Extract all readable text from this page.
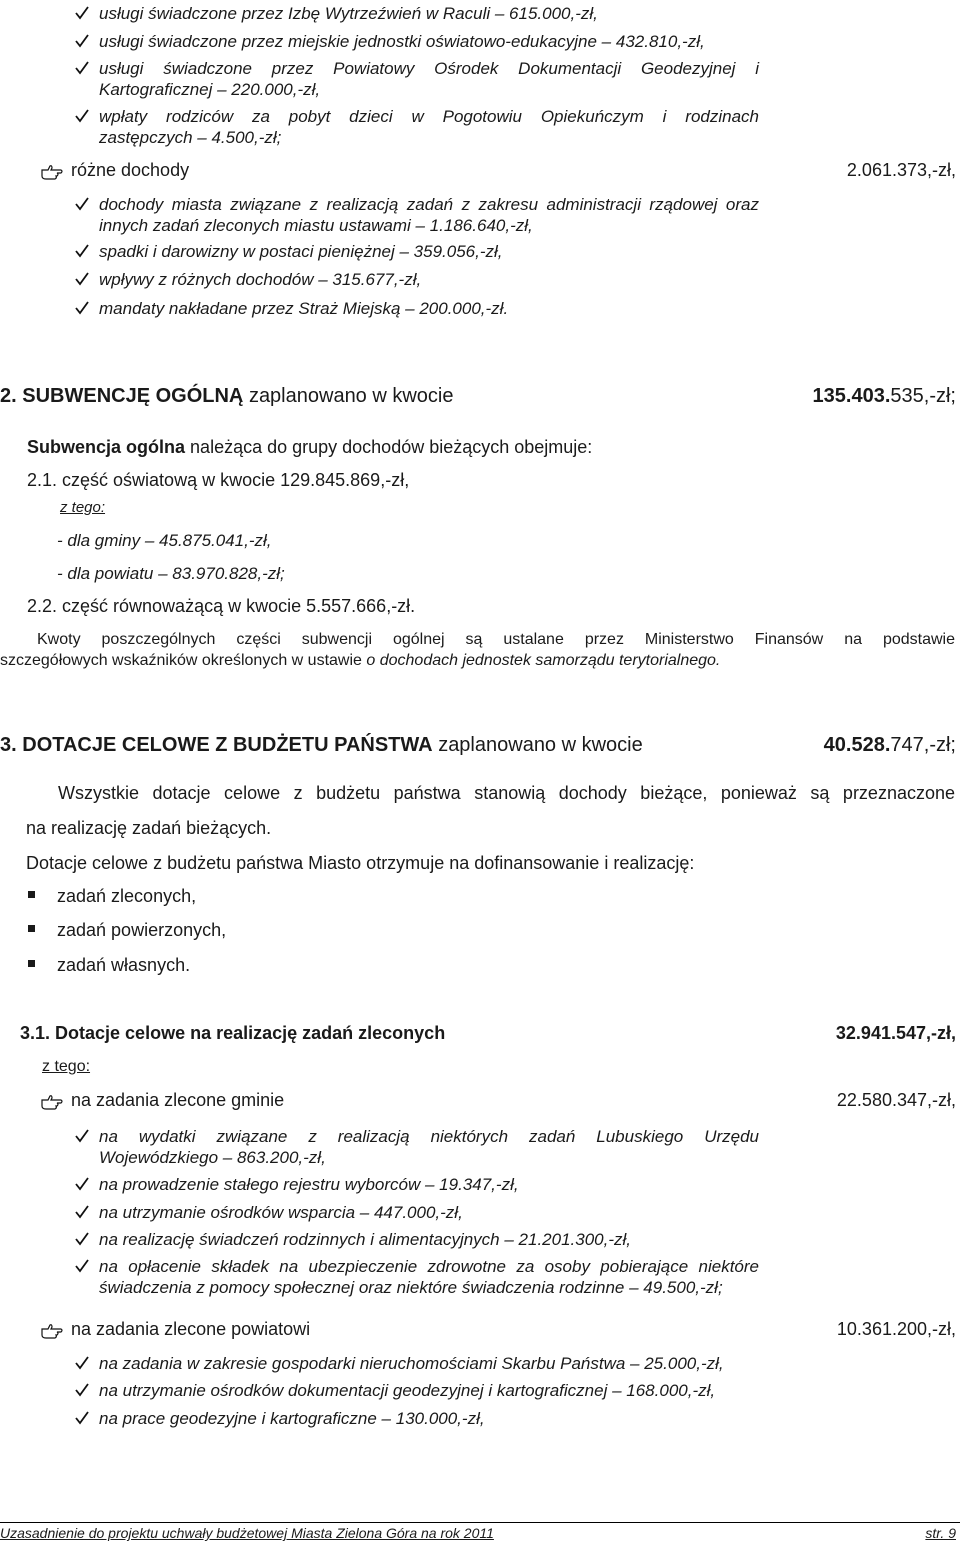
usługi świadczone przez Izbę Wytrzeźwień w Raculi – 615.000,-zł,
usługi świadczone przez miejskie jednostki oświatowo-edukacyjne – 432.810,-zł,
usługi świadczone przez Powiatowy Ośrodek Dokumentacji Geodezyjnej i
Kartograficznej – 220.000,-zł,
wpłaty rodziców za pobyt dzieci w Pogotowiu Opiekuńczym i rodzinach
zastępczych – 4.500,-zł;
różne dochody	2.061.373,-zł,
dochody miasta związane z realizacją zadań z zakresu administracji rządowej oraz
innych zadań zleconych miastu ustawami – 1.186.640,-zł,
spadki i darowizny w postaci pieniężnej – 359.056,-zł,
wpływy z różnych dochodów – 315.677,-zł,
mandaty nakładane przez Straż Miejską – 200.000,-zł.
2. SUBWENCJĘ OGÓLNĄ zaplanowano w kwocie	135.403.535,-zł;
Subwencja ogólna należąca do grupy dochodów bieżących obejmuje:
2.1. część oświatową w kwocie 129.845.869,-zł,
z tego:
- dla gminy – 45.875.041,-zł,
- dla powiatu – 83.970.828,-zł;
2.2. część równoważącą w kwocie 5.557.666,-zł.
Kwoty poszczególnych części subwencji ogólnej są ustalane przez Ministerstwo Finansów na podstawie
szczegółowych wskaźników określonych w ustawie o dochodach jednostek samorządu terytorialnego.
3. DOTACJE CELOWE Z BUDŻETU PAŃSTWA zaplanowano w kwocie	40.528.747,-zł;
Wszystkie dotacje celowe z budżetu państwa stanowią dochody bieżące, ponieważ są przeznaczone
na realizację zadań bieżących.
Dotacje celowe z budżetu państwa Miasto otrzymuje na dofinansowanie i realizację:
zadań zleconych,
zadań powierzonych,
zadań własnych.
3.1. Dotacje celowe na realizację zadań zleconych	32.941.547,-zł,
z tego:
na zadania zlecone gminie	22.580.347,-zł,
na wydatki związane z realizacją niektórych zadań Lubuskiego Urzędu
Wojewódzkiego – 863.200,-zł,
na prowadzenie stałego rejestru wyborców – 19.347,-zł,
na utrzymanie ośrodków wsparcia – 447.000,-zł,
na realizację świadczeń rodzinnych i alimentacyjnych – 21.201.300,-zł,
na opłacenie składek na ubezpieczenie zdrowotne za osoby pobierające niektóre
świadczenia z pomocy społecznej oraz niektóre świadczenia rodzinne – 49.500,-zł;
na zadania zlecone powiatowi	10.361.200,-zł,
na zadania w zakresie gospodarki nieruchomościami Skarbu Państwa – 25.000,-zł,
na utrzymanie ośrodków dokumentacji geodezyjnej i kartograficznej – 168.000,-zł,
na prace geodezyjne i kartograficzne – 130.000,-zł,
Uzasadnienie do projektu uchwały budżetowej Miasta Zielona Góra na rok 2011	str. 9
